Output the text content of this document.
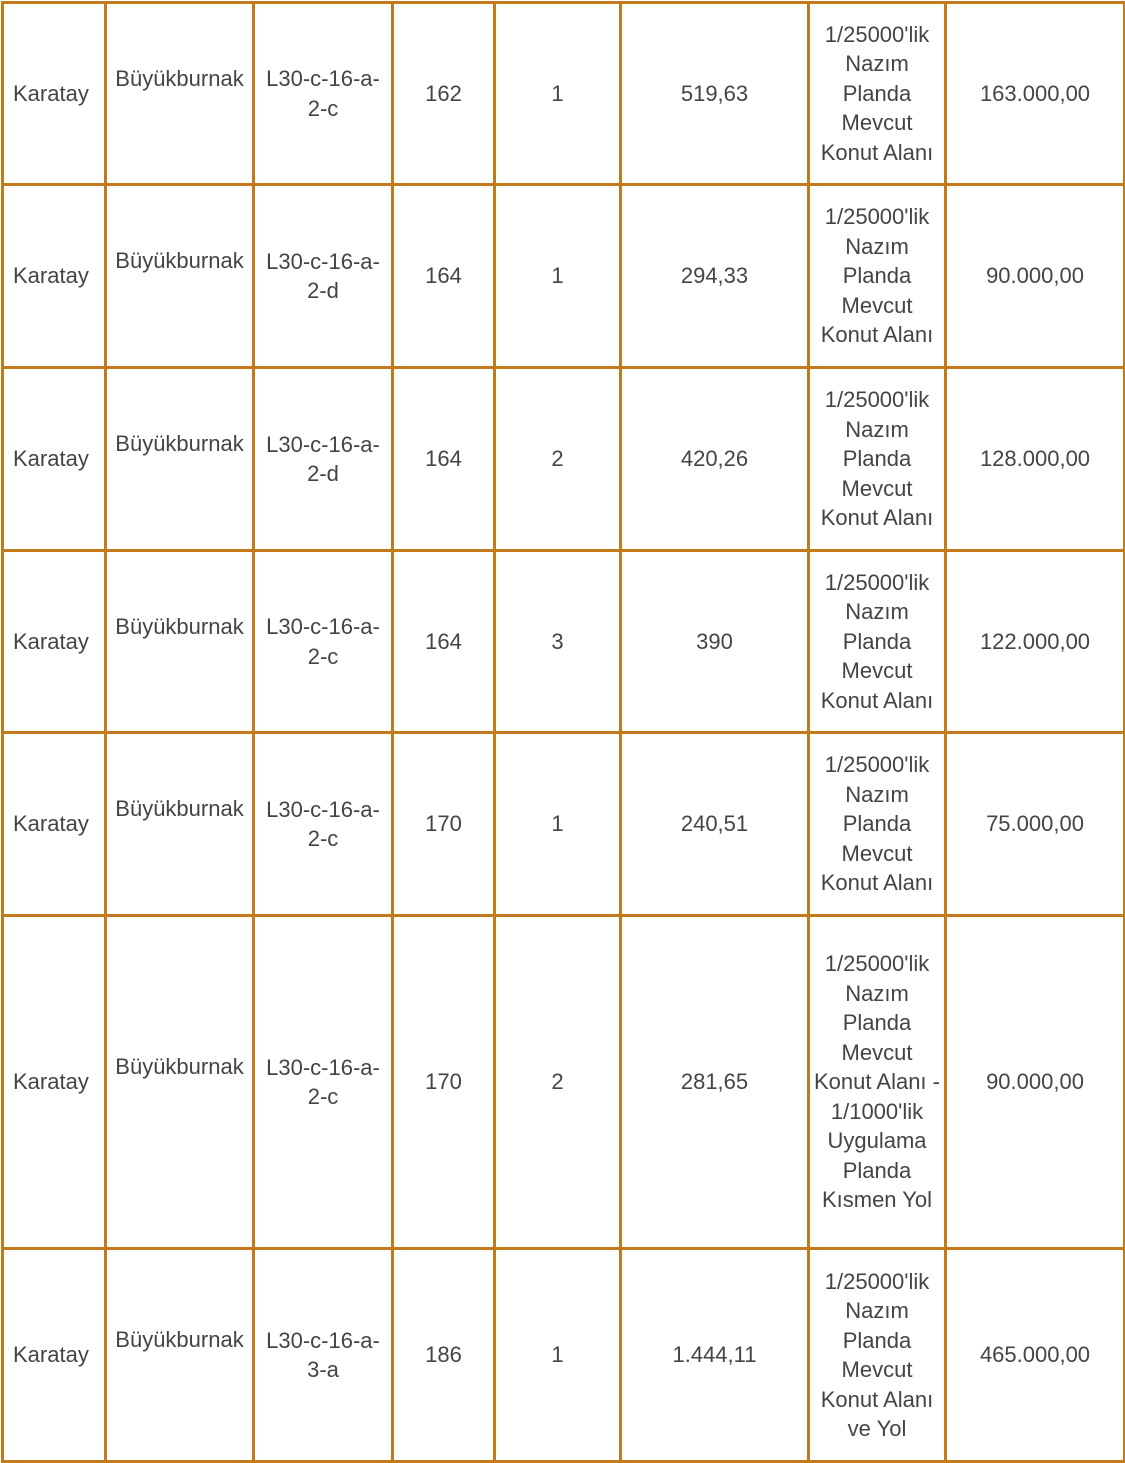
Karatay	Büyükburnak	L30-c-16-a-2-c	162	1	519,63	1/25000'lik Nazım Planda Mevcut Konut Alanı	163.000,00
Karatay	Büyükburnak	L30-c-16-a-2-d	164	1	294,33	1/25000'lik Nazım Planda Mevcut Konut Alanı	90.000,00
Karatay	Büyükburnak	L30-c-16-a-2-d	164	2	420,26	1/25000'lik Nazım Planda Mevcut Konut Alanı	128.000,00
Karatay	Büyükburnak	L30-c-16-a-2-c	164	3	390	1/25000'lik Nazım Planda Mevcut Konut Alanı	122.000,00
Karatay	Büyükburnak	L30-c-16-a-2-c	170	1	240,51	1/25000'lik Nazım Planda Mevcut Konut Alanı	75.000,00
Karatay	Büyükburnak	L30-c-16-a-2-c	170	2	281,65	1/25000'lik Nazım Planda Mevcut Konut Alanı - 1/1000'lik Uygulama Planda Kısmen Yol	90.000,00
Karatay	Büyükburnak	L30-c-16-a-3-a	186	1	1.444,11	1/25000'lik Nazım Planda Mevcut Konut Alanı ve Yol	465.000,00
